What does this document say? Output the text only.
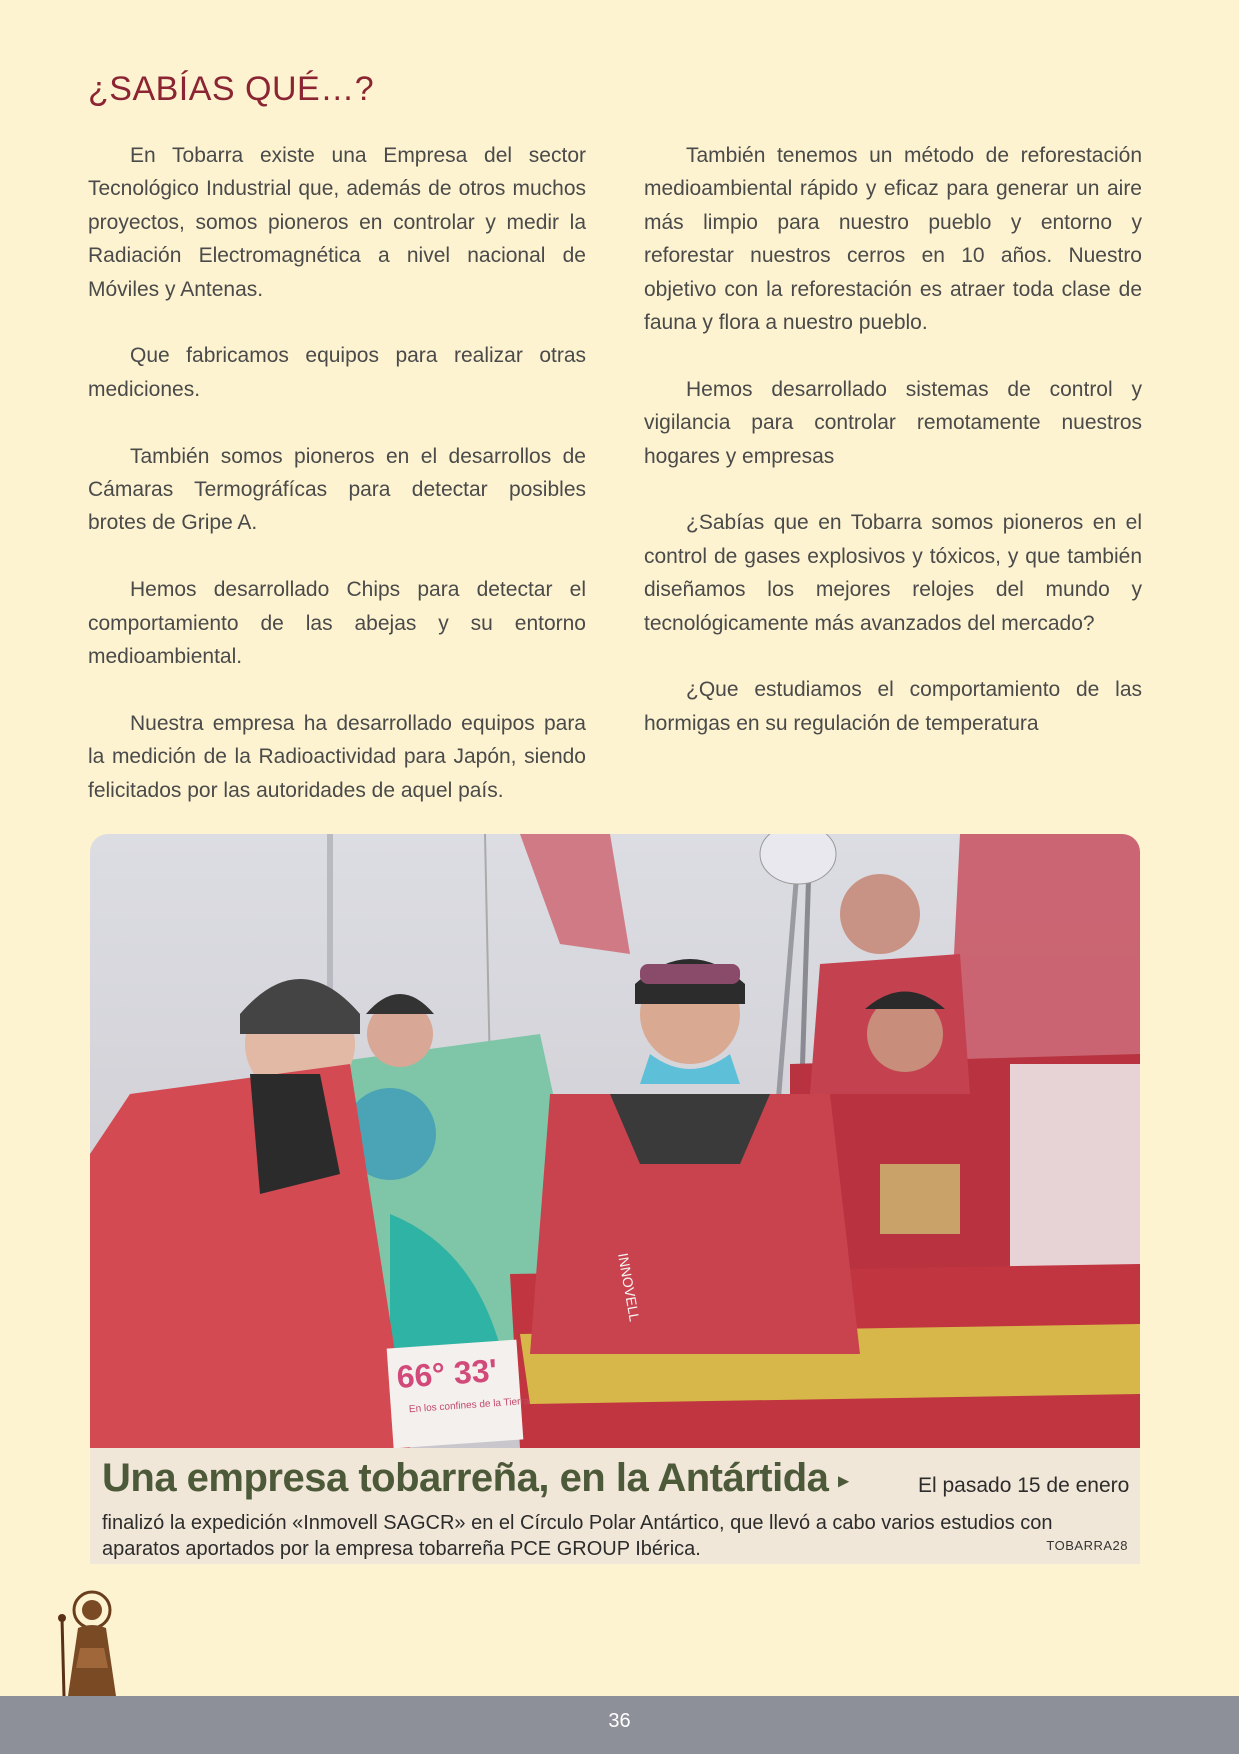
¿SABÍAS QUÉ…?

En Tobarra existe una Empresa del sector Tecnológico Industrial que, además de otros muchos proyectos, somos pioneros en controlar y medir la Radiación Electromagnética a nivel nacional de Móviles y Antenas.

Que fabricamos equipos para realizar otras mediciones.

También somos pioneros en el desarrollos de Cámaras Termográfícas para detectar posibles brotes de Gripe A.

Hemos desarrollado Chips para detectar el comportamiento de las abejas y su entorno medioambiental.

Nuestra empresa ha desarrollado equipos para la medición de la Radioactividad para Japón, siendo felicitados por las autoridades de aquel país.

También tenemos un método de reforestación medioambiental rápido y eficaz para generar un aire más limpio para nuestro pueblo y entorno y reforestar nuestros cerros en 10 años. Nuestro objetivo con la reforestación es atraer toda clase de fauna y flora a nuestro pueblo.

Hemos desarrollado sistemas de control y vigilancia para controlar remotamente nuestros hogares y empresas

¿Sabías que en Tobarra somos pioneros en el control de gases explosivos y tóxicos, y que también diseñamos los mejores relojes del mundo y tecnológicamente más avanzados del mercado?

¿Que estudiamos el comportamiento de las hormigas en su regulación de temperatura

66° 33'
En los confines de la Tierra
INNOVELL
Una empresa tobarreña, en la Antártida ▸	El pasado 15 de enero
finalizó la expedición «Inmovell SAGCR» en el Círculo Polar Antártico, que llevó a cabo varios estudios con aparatos aportados por la empresa tobarreña PCE GROUP Ibérica.	TOBARRA28
36
